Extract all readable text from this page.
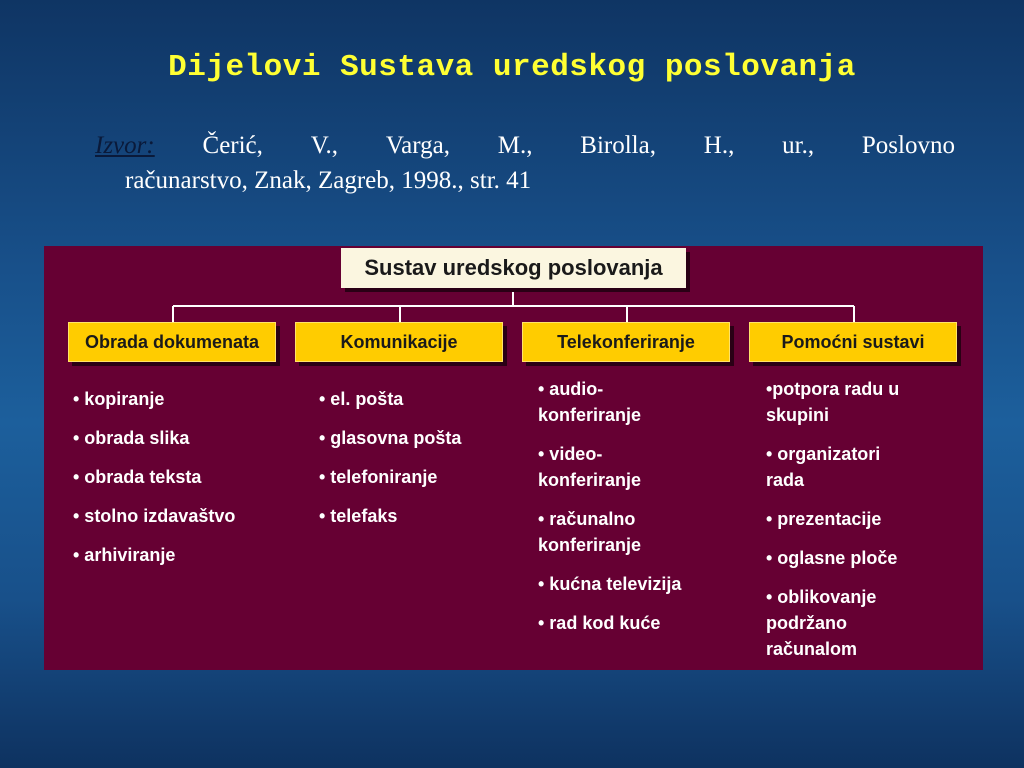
Dijelovi Sustava uredskog poslovanja
Izvor: Čerić, V., Varga, M., Birolla, H., ur., Poslovno
računarstvo, Znak, Zagreb, 1998., str. 41
Sustav uredskog poslovanja
Obrada dokumenata	Komunikacije	Telekonferiranje	Pomoćni sustavi
• kopiranje
• obrada slika
• obrada teksta
• stolno izdavaštvo
• arhiviranje
• el. pošta
• glasovna pošta
• telefoniranje
• telefaks
• audio-
konferiranje
• video-
konferiranje
• računalno
konferiranje
• kućna televizija
• rad kod kuće
•potpora radu u
skupini
• organizatori
rada
• prezentacije
• oglasne ploče
• oblikovanje
podržano
računalom
